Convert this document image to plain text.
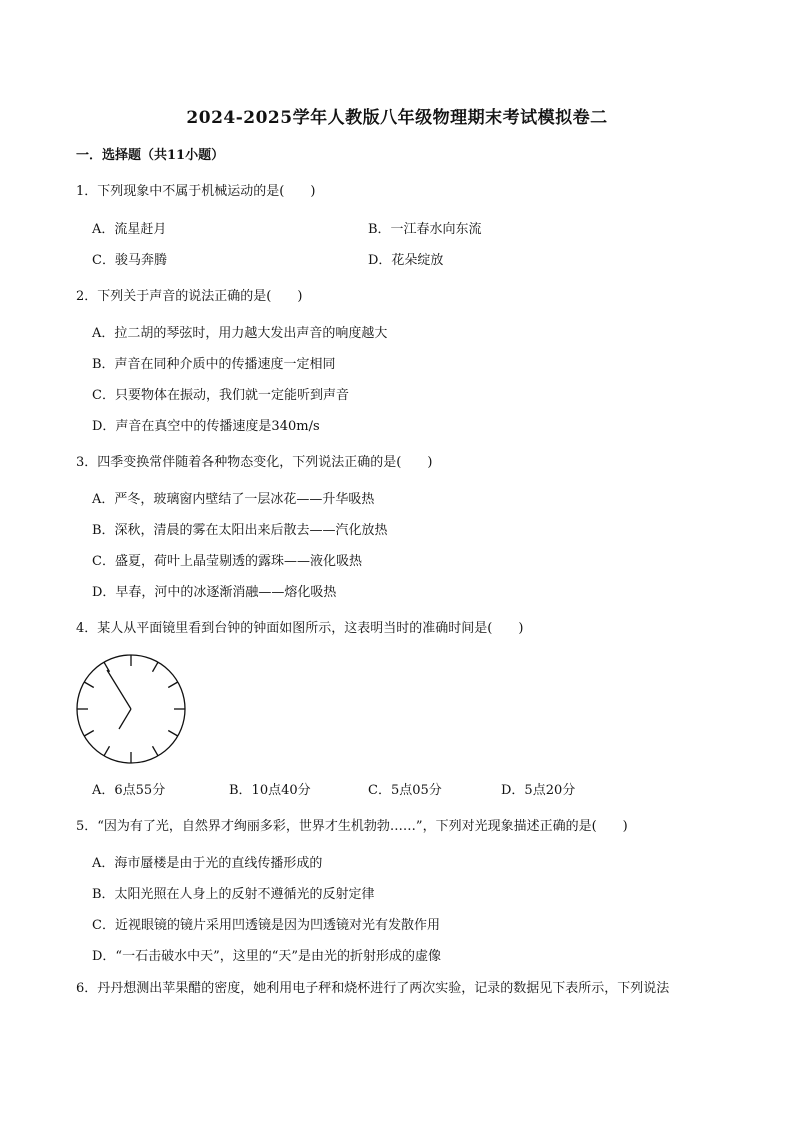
2024-2025学年人教版八年级物理期末考试模拟卷二
一．选择题（共11小题）
1．下列现象中不属于机械运动的是(　　)
A．流星赶月	B．一江春水向东流
C．骏马奔腾	D．花朵绽放
2．下列关于声音的说法正确的是(　　)
A．拉二胡的琴弦时，用力越大发出声音的响度越大
B．声音在同种介质中的传播速度一定相同
C．只要物体在振动，我们就一定能听到声音
D．声音在真空中的传播速度是340m/s
3．四季变换常伴随着各种物态变化，下列说法正确的是(　　)
A．严冬，玻璃窗内壁结了一层冰花——升华吸热
B．深秋，清晨的雾在太阳出来后散去——汽化放热
C．盛夏，荷叶上晶莹剔透的露珠——液化吸热
D．早春，河中的冰逐渐消融——熔化吸热
4．某人从平面镜里看到台钟的钟面如图所示，这表明当时的准确时间是(　　)
A．6点55分	B．10点40分	C．5点05分	D．5点20分
5．“因为有了光，自然界才绚丽多彩，世界才生机勃勃……”，下列对光现象描述正确的是(　　)
A．海市蜃楼是由于光的直线传播形成的
B．太阳光照在人身上的反射不遵循光的反射定律
C．近视眼镜的镜片采用凹透镜是因为凹透镜对光有发散作用
D．“一石击破水中天”，这里的“天”是由光的折射形成的虚像
6．丹丹想测出苹果醋的密度，她利用电子秤和烧杯进行了两次实验，记录的数据见下表所示，下列说法
